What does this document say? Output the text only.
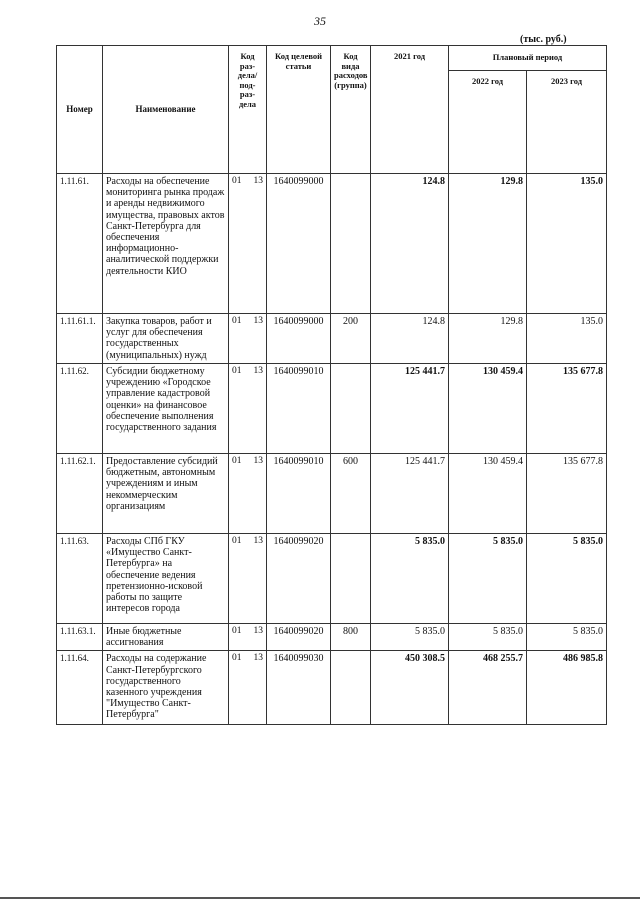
35
(тыс. руб.)
Номер	Наименование	Код раз-дела/ под-раз-дела	Код целевой статьи	Код вида расходов (группа)	2021 год	Плановый период	
						2022 год	2023 год
1.11.61.	Расходы на обеспечение мониторинга рынка продаж и аренды недвижимого имущества, правовых актов Санкт-Петербурга для обеспечения информационно-аналитической поддержки деятельности КИО	01 13	1640099000		124.8	129.8	135.0
1.11.61.1.	Закупка товаров, работ и услуг для обеспечения государственных (муниципальных) нужд	01 13	1640099000	200	124.8	129.8	135.0
1.11.62.	Субсидии бюджетному учреждению «Городское управление кадастровой оценки» на финансовое обеспечение выполнения государственного задания	01 13	1640099010		125 441.7	130 459.4	135 677.8
1.11.62.1.	Предоставление субсидий бюджетным, автономным учреждениям и иным некоммерческим организациям	01 13	1640099010	600	125 441.7	130 459.4	135 677.8
1.11.63.	Расходы СПб ГКУ «Имущество Санкт-Петербурга» на обеспечение ведения претензионно-исковой работы по защите интересов города	01 13	1640099020		5 835.0	5 835.0	5 835.0
1.11.63.1.	Иные бюджетные ассигнования	01 13	1640099020	800	5 835.0	5 835.0	5 835.0
1.11.64.	Расходы на содержание Санкт-Петербургского государственного казенного учреждения "Имущество Санкт-Петербурга"	01 13	1640099030		450 308.5	468 255.7	486 985.8
